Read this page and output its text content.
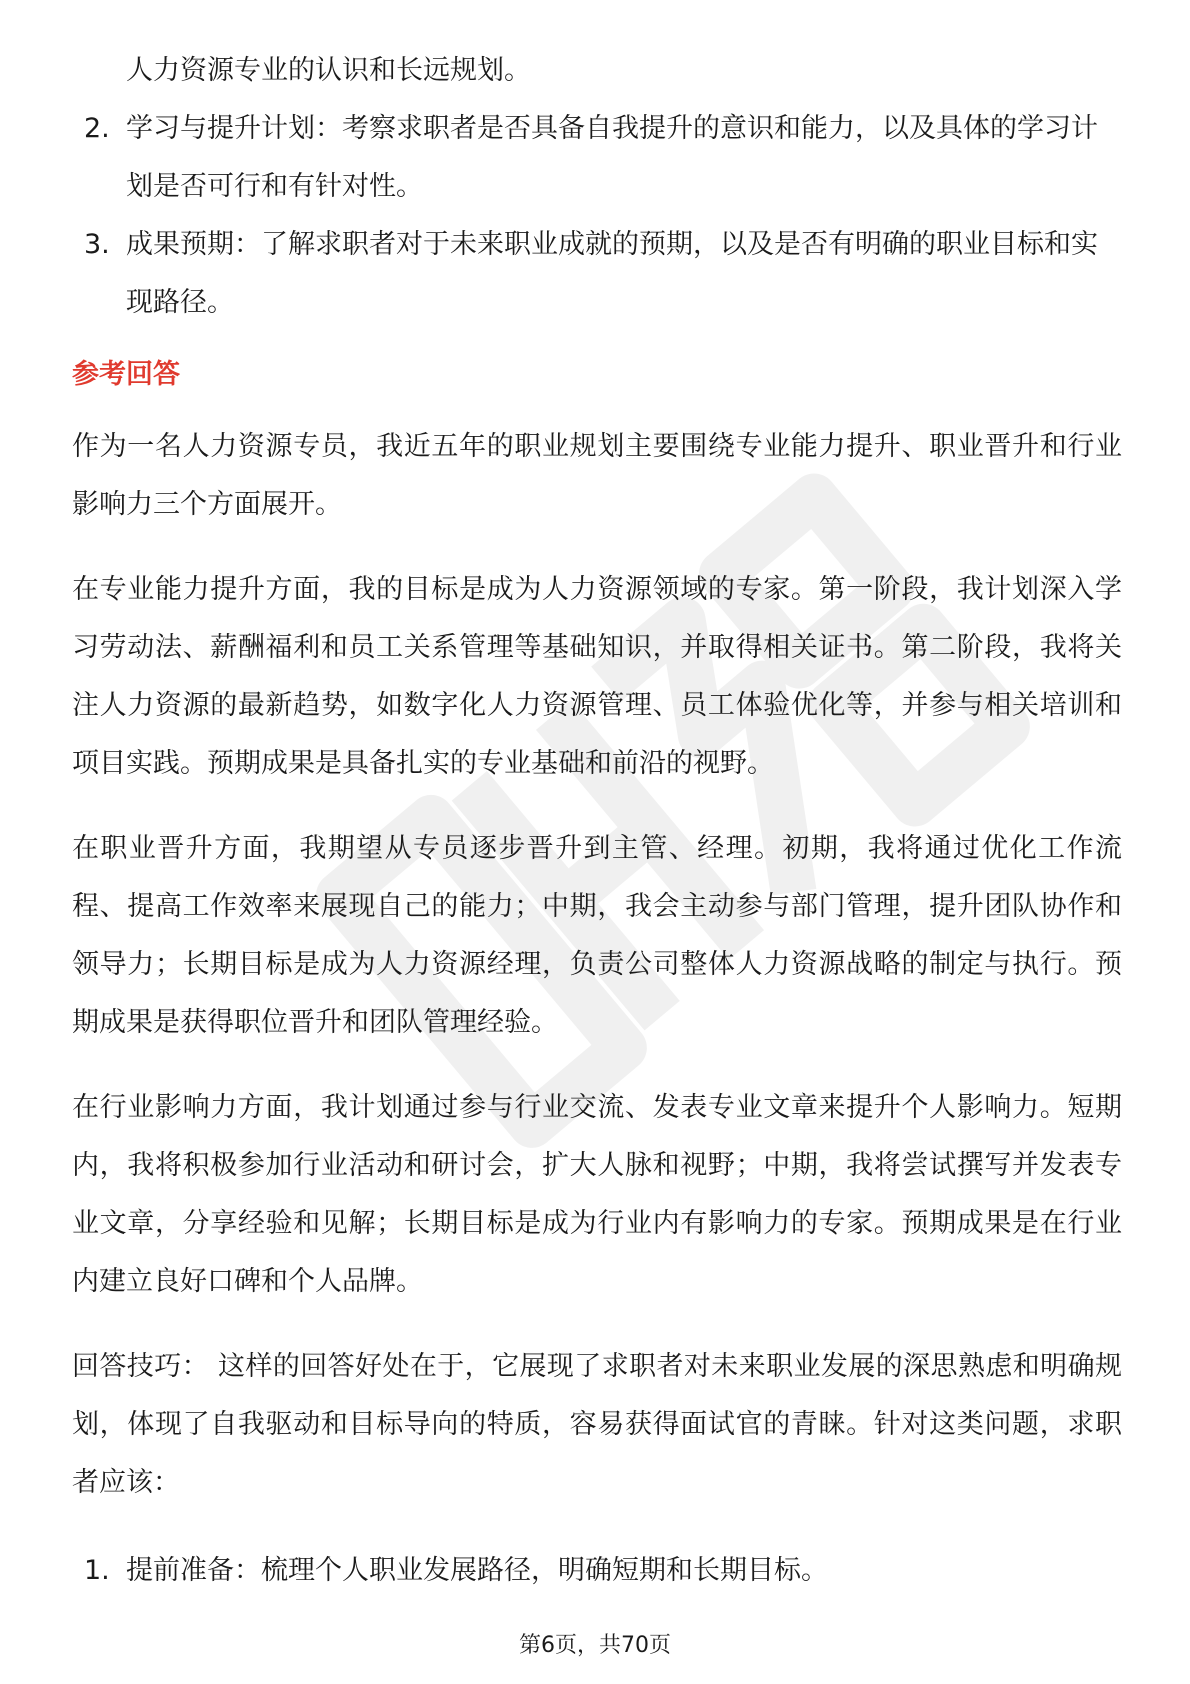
人力资源专业的认识和长远规划。
2. 学习与提升计划：考察求职者是否具备自我提升的意识和能力，以及具体的学习计划是否可行和有针对性。
3. 成果预期：了解求职者对于未来职业成就的预期，以及是否有明确的职业目标和实现路径。
参考回答

作为一名人力资源专员，我近五年的职业规划主要围绕专业能力提升、职业晋升和行业影响力三个方面展开。

在专业能力提升方面，我的目标是成为人力资源领域的专家。第一阶段，我计划深入学习劳动法、薪酬福利和员工关系管理等基础知识，并取得相关证书。第二阶段，我将关注人力资源的最新趋势，如数字化人力资源管理、员工体验优化等，并参与相关培训和项目实践。预期成果是具备扎实的专业基础和前沿的视野。

在职业晋升方面，我期望从专员逐步晋升到主管、经理。初期，我将通过优化工作流程、提高工作效率来展现自己的能力；中期，我会主动参与部门管理，提升团队协作和领导力；长期目标是成为人力资源经理，负责公司整体人力资源战略的制定与执行。预期成果是获得职位晋升和团队管理经验。

在行业影响力方面，我计划通过参与行业交流、发表专业文章来提升个人影响力。短期内，我将积极参加行业活动和研讨会，扩大人脉和视野；中期，我将尝试撰写并发表专业文章，分享经验和见解；长期目标是成为行业内有影响力的专家。预期成果是在行业内建立良好口碑和个人品牌。

回答技巧： 这样的回答好处在于，它展现了求职者对未来职业发展的深思熟虑和明确规划，体现了自我驱动和目标导向的特质，容易获得面试官的青睐。针对这类问题，求职者应该：

1. 提前准备：梳理个人职业发展路径，明确短期和长期目标。
第6页，共70页
